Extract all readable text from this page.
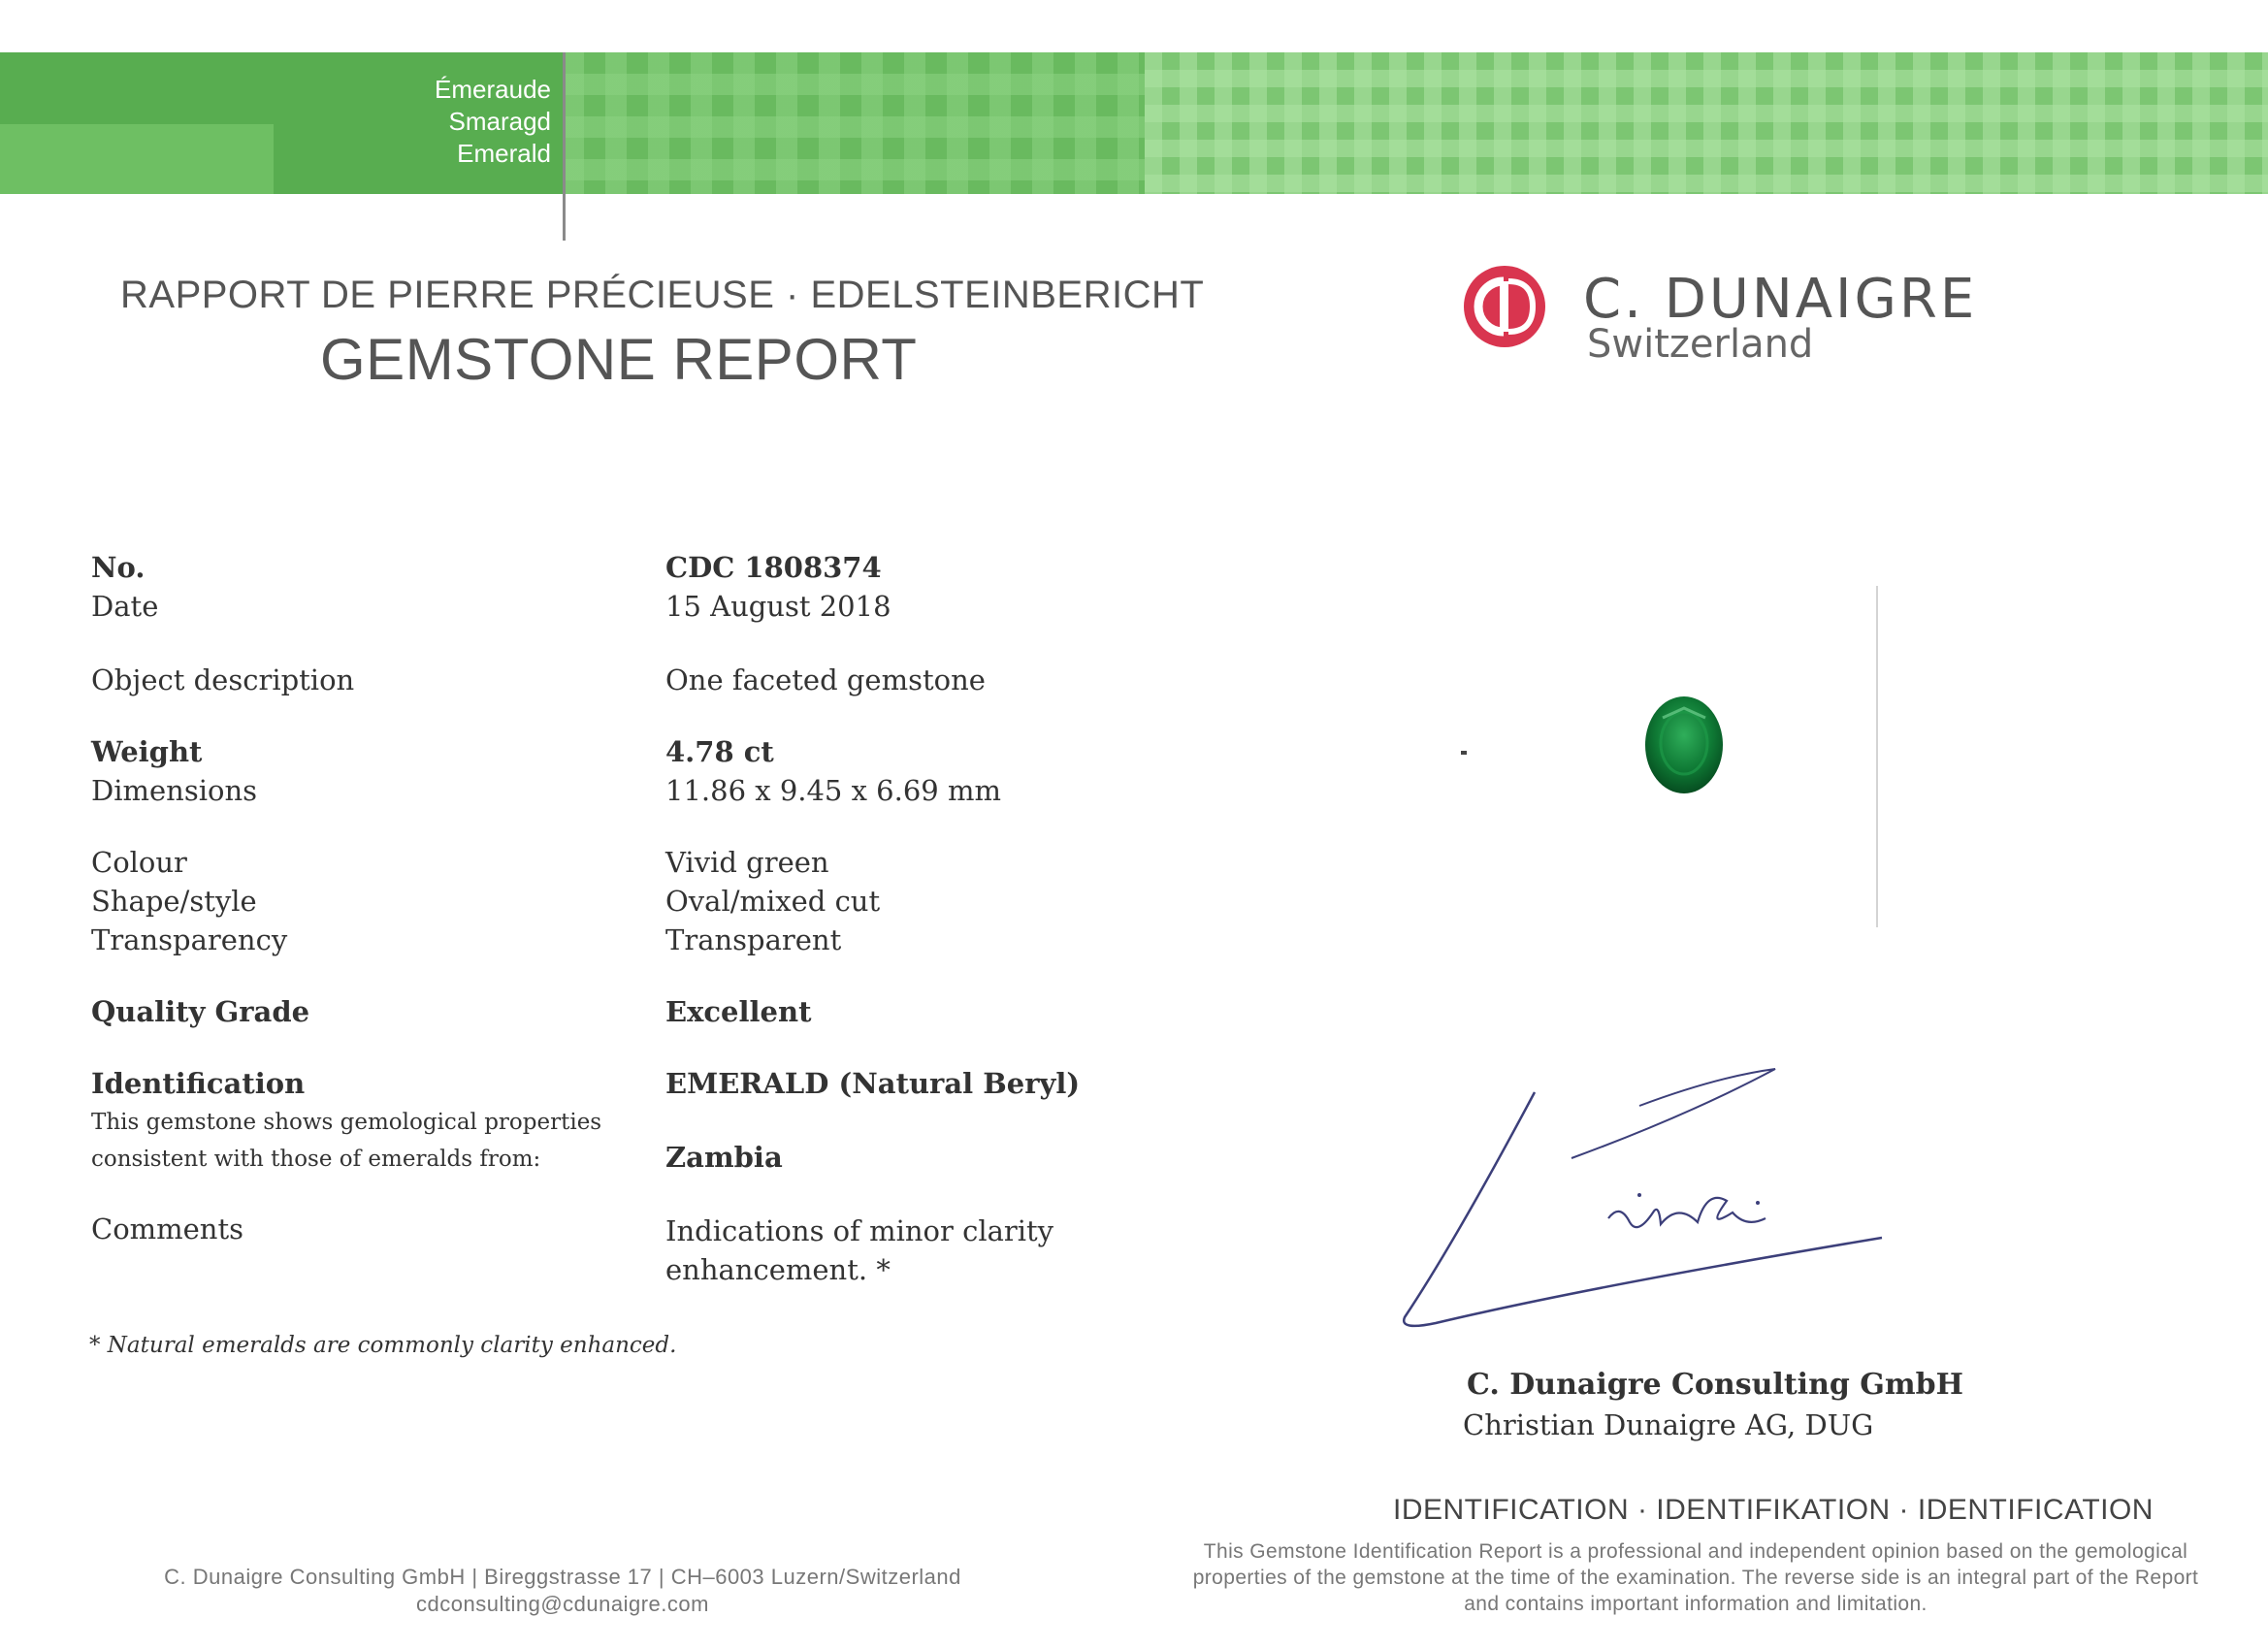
Émeraude
Smaragd
Emerald
RAPPORT DE PIERRE PRÉCIEUSE · EDELSTEINBERICHT
GEMSTONE REPORT
C. DUNAIGRE
Switzerland
No.	CDC 1808374
Date	15 August 2018
Object description	One faceted gemstone
Weight	4.78 ct
Dimensions	11.86 x 9.45 x 6.69 mm
Colour	Vivid green
Shape/style	Oval/mixed cut
Transparency	Transparent
Quality Grade	Excellent
Identification	EMERALD (Natural Beryl)
This gemstone shows gemological properties
consistent with those of emeralds from:	Zambia
Comments	Indications of minor clarity
enhancement. *
* Natural emeralds are commonly clarity enhanced.
C. Dunaigre Consulting GmbH
Christian Dunaigre AG, DUG
IDENTIFICATION · IDENTIFIKATION · IDENTIFICATION
This Gemstone Identification Report is a professional and independent opinion based on the gemological
properties of the gemstone at the time of the examination. The reverse side is an integral part of the Report
and contains important information and limitation.
C. Dunaigre Consulting GmbH | Bireggstrasse 17 | CH–6003 Luzern/Switzerland
cdconsulting@cdunaigre.com
